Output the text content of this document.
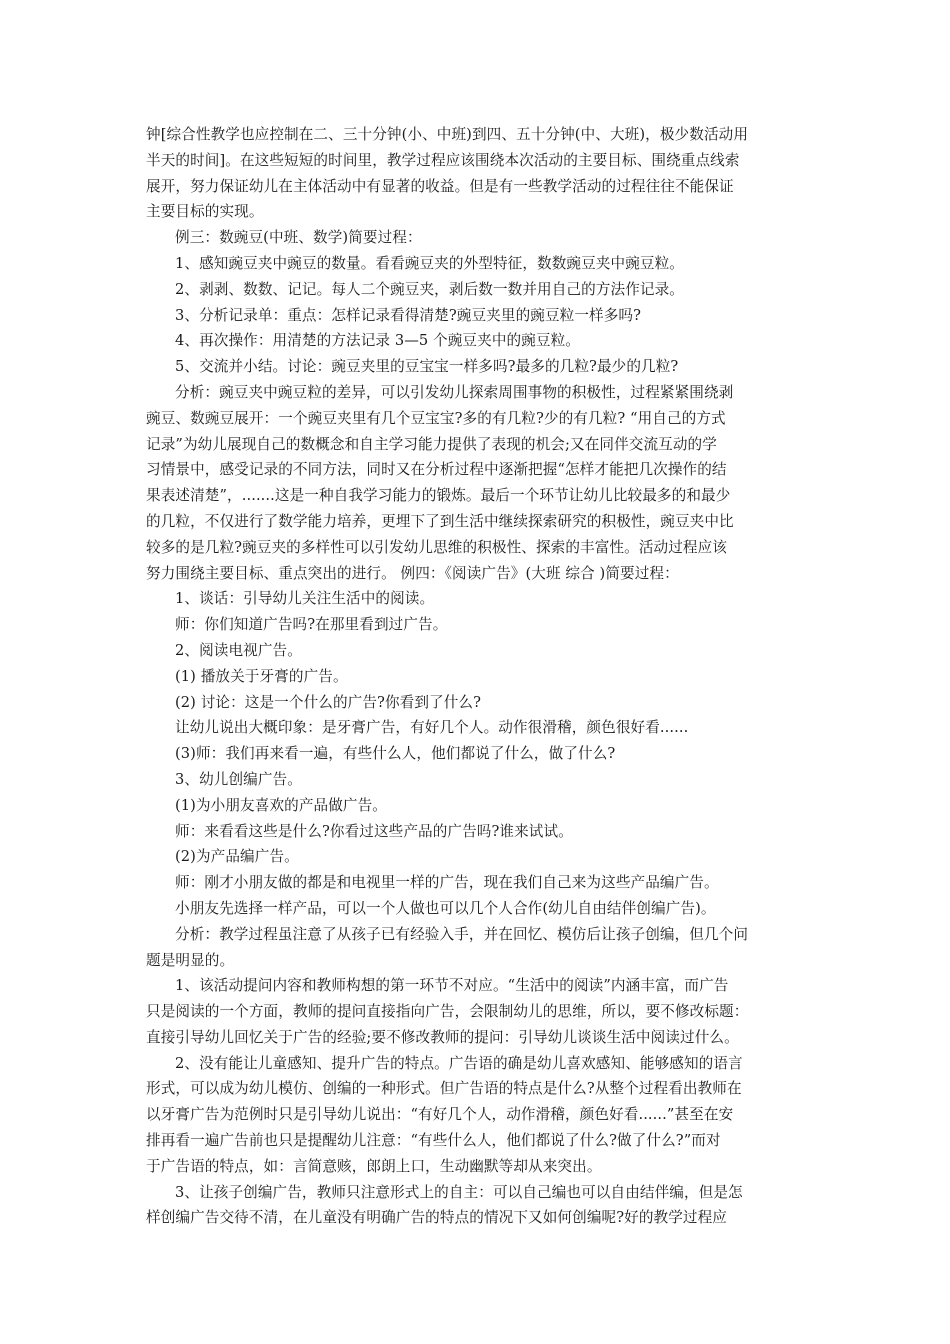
钟[综合性教学也应控制在二、三十分钟(小、中班)到四、五十分钟(中、大班)，极少数活动用
半天的时间]。在这些短短的时间里，教学过程应该围绕本次活动的主要目标、围绕重点线索
展开，努力保证幼儿在主体活动中有显著的收益。但是有一些教学活动的过程往往不能保证
主要目标的实现。
例三：数豌豆(中班、数学)简要过程：
1、感知豌豆夹中豌豆的数量。看看豌豆夹的外型特征，数数豌豆夹中豌豆粒。
2、剥剥、数数、记记。每人二个豌豆夹，剥后数一数并用自己的方法作记录。
3、分析记录单：重点：怎样记录看得清楚?豌豆夹里的豌豆粒一样多吗?
4、再次操作：用清楚的方法记录 3—5 个豌豆夹中的豌豆粒。
5、交流并小结。讨论：豌豆夹里的豆宝宝一样多吗?最多的几粒?最少的几粒?
分析：豌豆夹中豌豆粒的差异，可以引发幼儿探索周围事物的积极性，过程紧紧围绕剥
豌豆、数豌豆展开：一个豌豆夹里有几个豆宝宝?多的有几粒?少的有几粒? “用自己的方式
记录”为幼儿展现自己的数概念和自主学习能力提供了表现的机会;又在同伴交流互动的学
习情景中，感受记录的不同方法，同时又在分析过程中逐渐把握“怎样才能把几次操作的结
果表述清楚”，.......这是一种自我学习能力的锻炼。最后一个环节让幼儿比较最多的和最少
的几粒，不仅进行了数学能力培养，更埋下了到生活中继续探索研究的积极性，豌豆夹中比
较多的是几粒?豌豆夹的多样性可以引发幼儿思维的积极性、探索的丰富性。活动过程应该
努力围绕主要目标、重点突出的进行。 例四：《阅读广告》(大班 综合 )简要过程：
1、谈话：引导幼儿关注生活中的阅读。
师：你们知道广告吗?在那里看到过广告。
2、阅读电视广告。
(1) 播放关于牙膏的广告。
(2) 讨论：这是一个什么的广告?你看到了什么?
让幼儿说出大概印象：是牙膏广告，有好几个人。动作很滑稽，颜色很好看......
(3)师：我们再来看一遍，有些什么人，他们都说了什么，做了什么?
3、幼儿创编广告。
(1)为小朋友喜欢的产品做广告。
师：来看看这些是什么?你看过这些产品的广告吗?谁来试试。
(2)为产品编广告。
师：刚才小朋友做的都是和电视里一样的广告，现在我们自己来为这些产品编广告。
小朋友先选择一样产品，可以一个人做也可以几个人合作(幼儿自由结伴创编广告)。
分析：教学过程虽注意了从孩子已有经验入手，并在回忆、模仿后让孩子创编，但几个问
题是明显的。
1、该活动提问内容和教师构想的第一环节不对应。“生活中的阅读”内涵丰富，而广告
只是阅读的一个方面，教师的提问直接指向广告，会限制幼儿的思维，所以，要不修改标题：
直接引导幼儿回忆关于广告的经验;要不修改教师的提问：引导幼儿谈谈生活中阅读过什么。
2、没有能让儿童感知、提升广告的特点。广告语的确是幼儿喜欢感知、能够感知的语言
形式，可以成为幼儿模仿、创编的一种形式。但广告语的特点是什么?从整个过程看出教师在
以牙膏广告为范例时只是引导幼儿说出：“有好几个人，动作滑稽，颜色好看......”甚至在安
排再看一遍广告前也只是提醒幼儿注意：“有些什么人，他们都说了什么?做了什么?”而对
于广告语的特点，如：言简意赅，郎朗上口，生动幽默等却从来突出。
3、让孩子创编广告，教师只注意形式上的自主：可以自己编也可以自由结伴编，但是怎
样创编广告交待不清，在儿童没有明确广告的特点的情况下又如何创编呢?好的教学过程应
